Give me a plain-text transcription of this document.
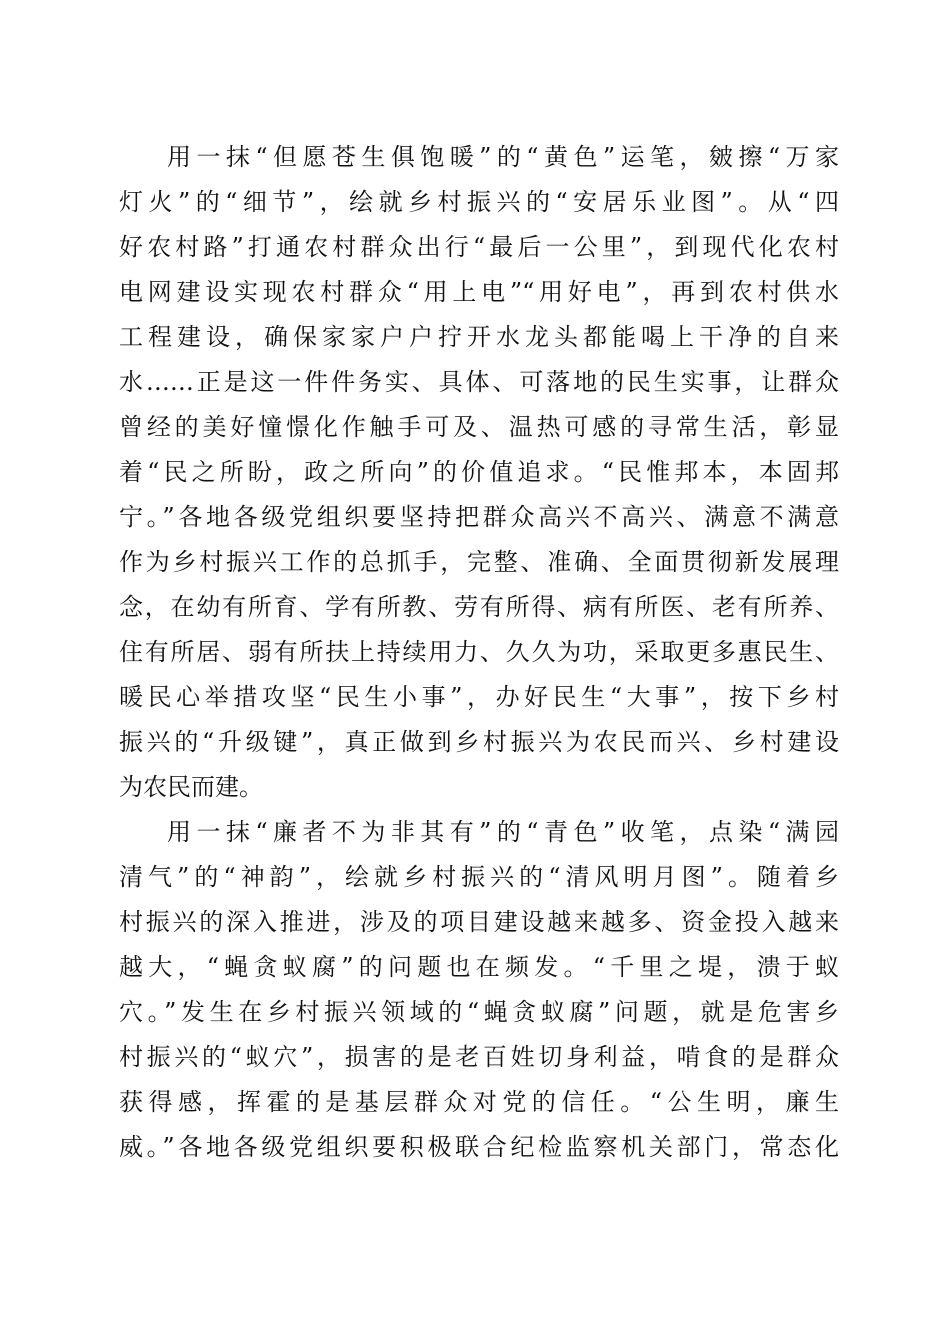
用一抹“但愿苍生俱饱暖”的“黄色”运笔，皴擦“万家
灯火”的“细节”，绘就乡村振兴的“安居乐业图”。从“四
好农村路”打通农村群众出行“最后一公里”，到现代化农村
电网建设实现农村群众“用上电”“用好电”，再到农村供水
工程建设，确保家家户户拧开水龙头都能喝上干净的自来
水……正是这一件件务实、具体、可落地的民生实事，让群众
曾经的美好憧憬化作触手可及、温热可感的寻常生活，彰显
着“民之所盼，政之所向”的价值追求。“民惟邦本，本固邦
宁。”各地各级党组织要坚持把群众高兴不高兴、满意不满意
作为乡村振兴工作的总抓手，完整、准确、全面贯彻新发展理
念，在幼有所育、学有所教、劳有所得、病有所医、老有所养、
住有所居、弱有所扶上持续用力、久久为功，采取更多惠民生、
暖民心举措攻坚“民生小事”，办好民生“大事”，按下乡村
振兴的“升级键”，真正做到乡村振兴为农民而兴、乡村建设
为农民而建。
用一抹“廉者不为非其有”的“青色”收笔，点染“满园
清气”的“神韵”，绘就乡村振兴的“清风明月图”。随着乡
村振兴的深入推进，涉及的项目建设越来越多、资金投入越来
越大，“蝇贪蚁腐”的问题也在频发。“千里之堤，溃于蚁
穴。”发生在乡村振兴领域的“蝇贪蚁腐”问题，就是危害乡
村振兴的“蚁穴”，损害的是老百姓切身利益，啃食的是群众
获得感，挥霍的是基层群众对党的信任。“公生明，廉生
威。”各地各级党组织要积极联合纪检监察机关部门，常态化
